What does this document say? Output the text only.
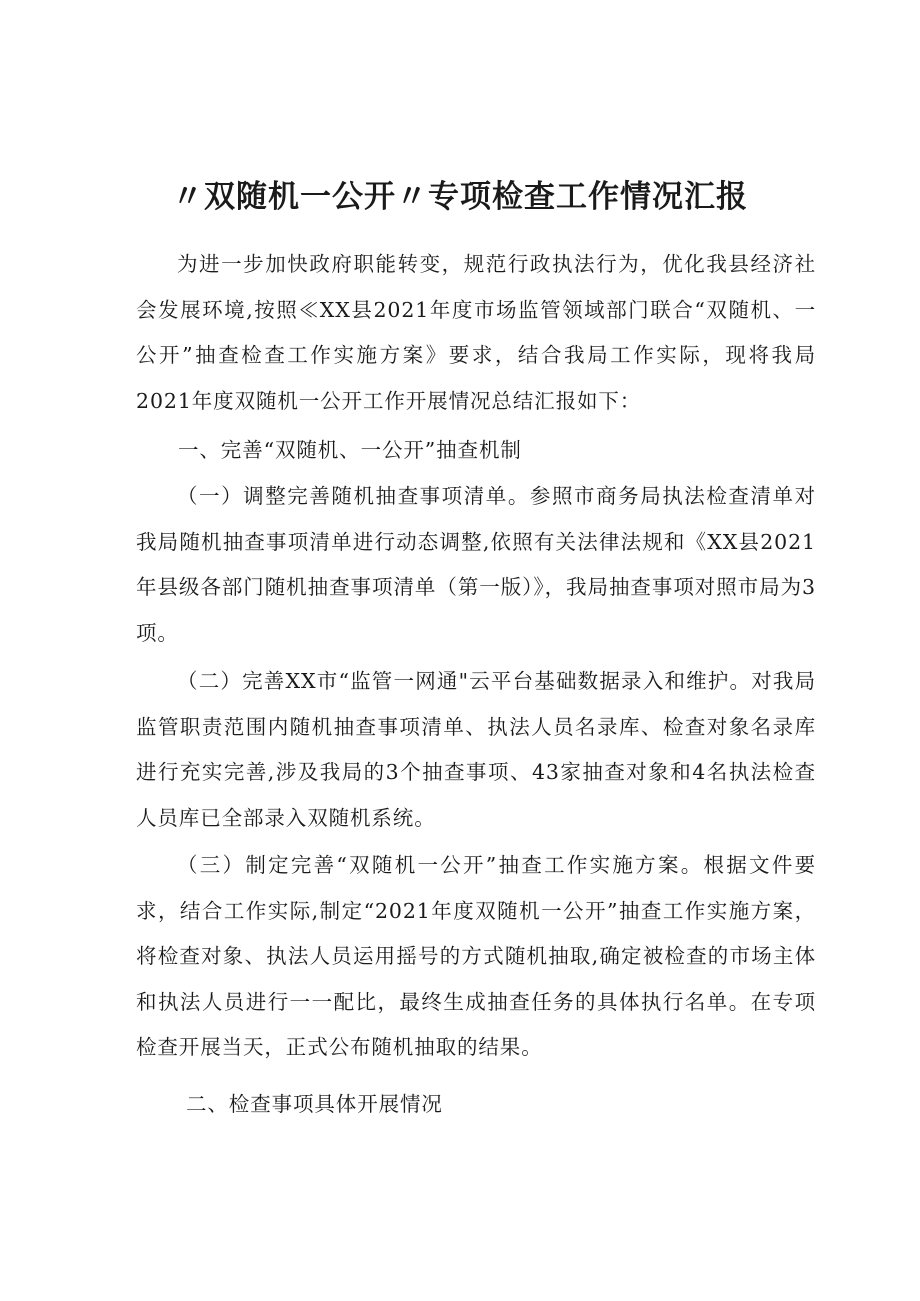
〃双随机一公开〃专项检查工作情况汇报

为进一步加快政府职能转变，规范行政执法行为，优化我县经济社会发展环境,按照≪XX县2021年度市场监管领域部门联合“双随机、一公开”抽查检查工作实施方案》要求，结合我局工作实际，现将我局2021年度双随机一公开工作开展情况总结汇报如下：

一、完善“双随机、一公开”抽查机制

（一）调整完善随机抽查事项清单。参照市商务局执法检查清单对我局随机抽查事项清单进行动态调整,依照有关法律法规和《XX县2021年县级各部门随机抽查事项清单（第一版）》，我局抽查事项对照市局为3项。

（二）完善XX市“监管一网通"云平台基础数据录入和维护。对我局监管职责范围内随机抽查事项清单、执法人员名录库、检查对象名录库进行充实完善,涉及我局的3个抽查事项、43家抽查对象和4名执法检查人员库已全部录入双随机系统。

（三）制定完善“双随机一公开”抽查工作实施方案。根据文件要求，结合工作实际,制定“2021年度双随机一公开”抽查工作实施方案，将检查对象、执法人员运用摇号的方式随机抽取,确定被检查的市场主体和执法人员进行一一配比，最终生成抽查任务的具体执行名单。在专项检查开展当天，正式公布随机抽取的结果。

二、检查事项具体开展情况
